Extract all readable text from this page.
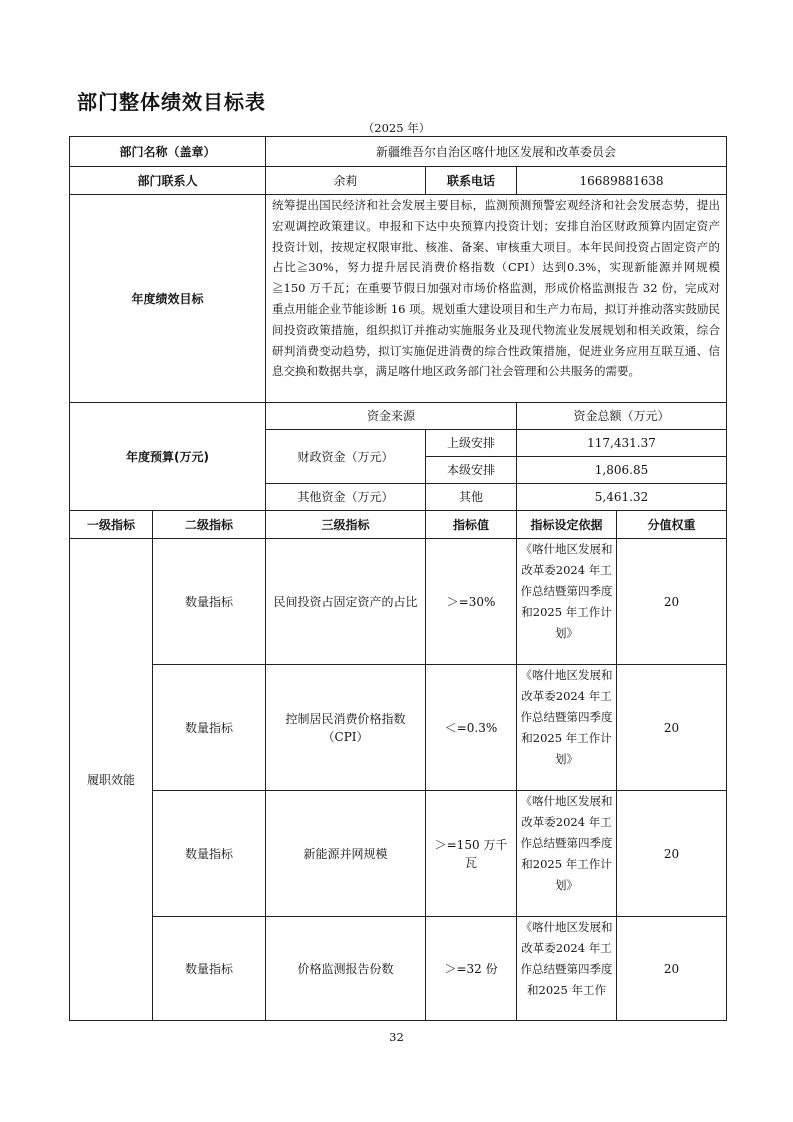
部门整体绩效目标表
（2025 年）
部门名称（盖章）		新疆维吾尔自治区喀什地区发展和改革委员会			
部门联系人		余莉	联系电话	16689881638	
年度绩效目标		统筹提出国民经济和社会发展主要目标，监测预测预警宏观经济和社会发展态势，提出宏观调控政策建议。申报和下达中央预算内投资计划；安排自治区财政预算内固定资产投资计划，按规定权限审批、核准、备案、审核重大项目。本年民间投资占固定资产的占比≧30%，努力提升居民消费价格指数（CPI）达到0.3%，实现新能源并网规模≧150 万千瓦；在重要节假日加强对市场价格监测，形成价格监测报告 32 份，完成对重点用能企业节能诊断 16 项。规划重大建设项目和生产力布局，拟订并推动落实鼓励民间投资政策措施，组织拟订并推动实施服务业及现代物流业发展规划和相关政策，综合研判消费变动趋势，拟订实施促进消费的综合性政策措施，促进业务应用互联互通、信息交换和数据共享，满足喀什地区政务部门社会管理和公共服务的需要。			
年度预算(万元)		资金来源		资金总额（万元）	
		财政资金（万元）	上级安排	117,431.37	
			本级安排	1,806.85	
		其他资金（万元）	其他	5,461.32	
一级指标	二级指标	三级指标	指标值	指标设定依据	分值权重
履职效能	数量指标	民间投资占固定资产的占比	＞=30%	《喀什地区发展和改革委2024 年工作总结暨第四季度和2025 年工作计划》	20
	数量指标	控制居民消费价格指数（CPI）	＜=0.3%	《喀什地区发展和改革委2024 年工作总结暨第四季度和2025 年工作计划》	20
	数量指标	新能源并网规模	＞=150 万千瓦	《喀什地区发展和改革委2024 年工作总结暨第四季度和2025 年工作计划》	20
	数量指标	价格监测报告份数	＞=32 份	《喀什地区发展和改革委2024 年工作总结暨第四季度和2025 年工作	20
32
